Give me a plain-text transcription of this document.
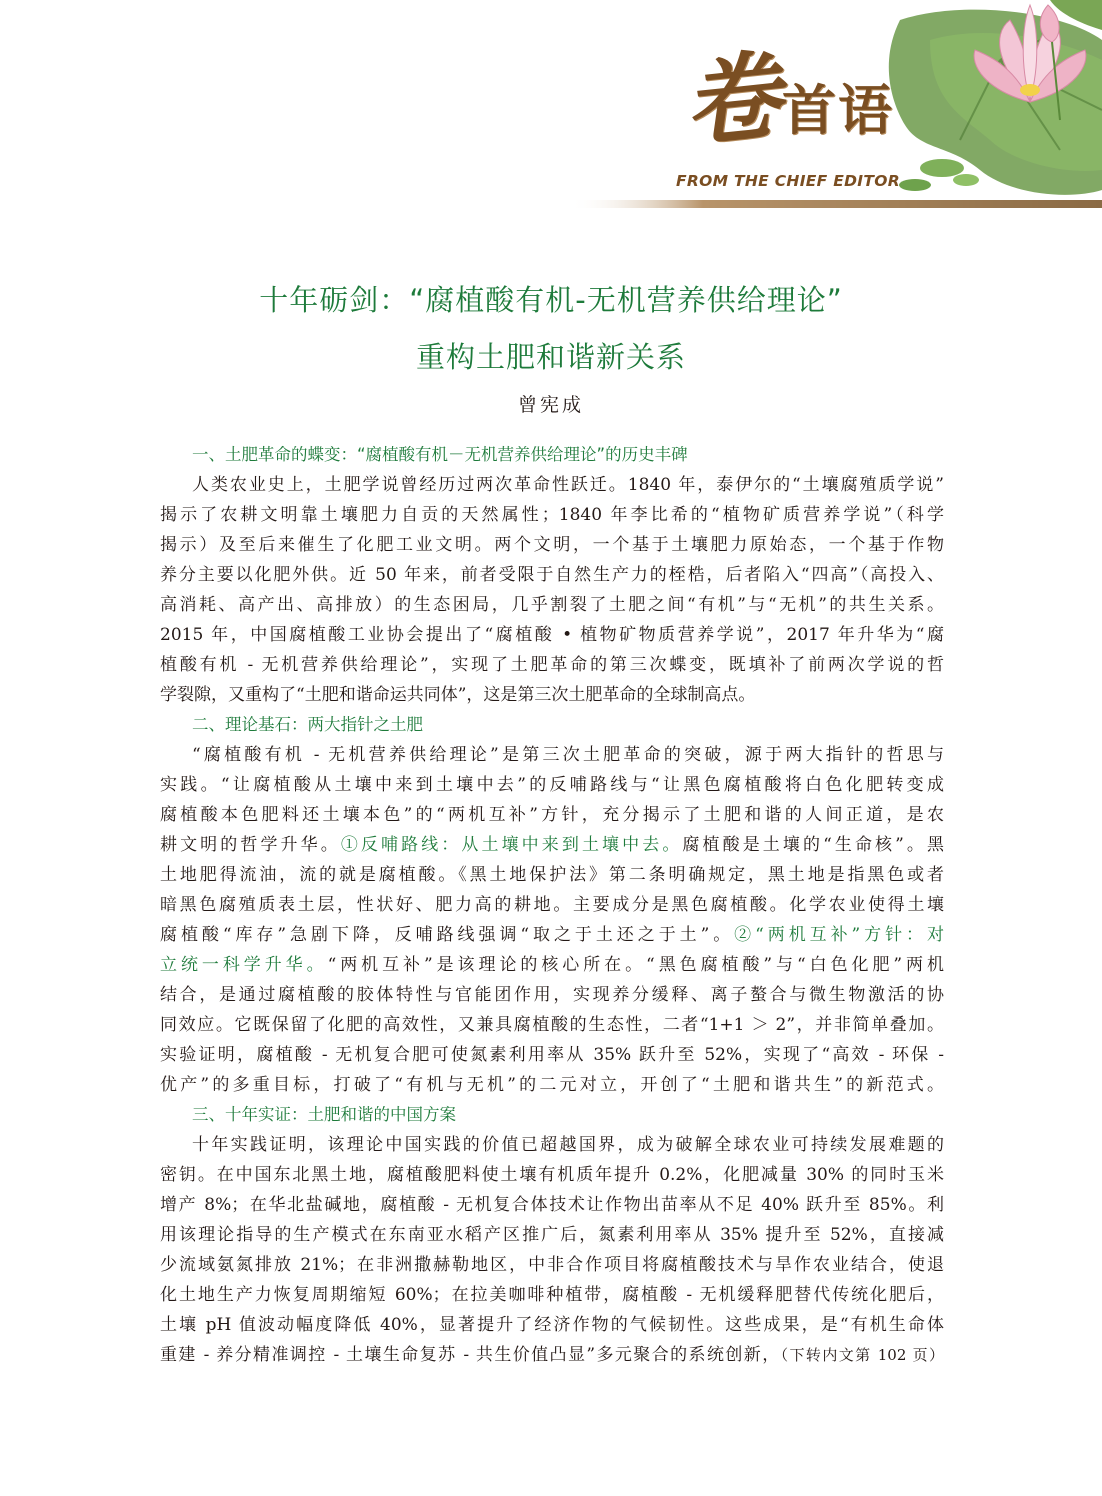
卷首语
FROM THE CHIEF EDITOR
十年砺剑：“腐植酸有机-无机营养供给理论”
重构土肥和谐新关系
曾宪成
一、土肥革命的蝶变：“腐植酸有机－无机营养供给理论”的历史丰碑
人类农业史上，土肥学说曾经历过两次革命性跃迁。1840 年，泰伊尔的“土壤腐殖质学说”
揭示了农耕文明靠土壤肥力自贡的天然属性；1840 年李比希的“植物矿质营养学说”（科学
揭示）及至后来催生了化肥工业文明。两个文明，一个基于土壤肥力原始态，一个基于作物
养分主要以化肥外供。近 50 年来，前者受限于自然生产力的桎梏，后者陷入“四高”（高投入、
高消耗、高产出、高排放）的生态困局，几乎割裂了土肥之间“有机”与“无机”的共生关系。
2015 年，中国腐植酸工业协会提出了“腐植酸 • 植物矿物质营养学说”，2017 年升华为“腐
植酸有机 - 无机营养供给理论”，实现了土肥革命的第三次蝶变，既填补了前两次学说的哲
学裂隙，又重构了“土肥和谐命运共同体”，这是第三次土肥革命的全球制高点。
二、理论基石：两大指针之土肥
“腐植酸有机 - 无机营养供给理论”是第三次土肥革命的突破，源于两大指针的哲思与
实践。“让腐植酸从土壤中来到土壤中去”的反哺路线与“让黑色腐植酸将白色化肥转变成
腐植酸本色肥料还土壤本色”的“两机互补”方针，充分揭示了土肥和谐的人间正道，是农
耕文明的哲学升华。①反哺路线：从土壤中来到土壤中去。腐植酸是土壤的“生命核”。黑
土地肥得流油，流的就是腐植酸。《黑土地保护法》第二条明确规定，黑土地是指黑色或者
暗黑色腐殖质表土层，性状好、肥力高的耕地。主要成分是黑色腐植酸。化学农业使得土壤
腐植酸“库存”急剧下降，反哺路线强调“取之于土还之于土”。②“两机互补”方针：对
立统一科学升华。“两机互补”是该理论的核心所在。“黑色腐植酸”与“白色化肥”两机
结合，是通过腐植酸的胶体特性与官能团作用，实现养分缓释、离子螯合与微生物激活的协
同效应。它既保留了化肥的高效性，又兼具腐植酸的生态性，二者“1+1 ＞ 2”，并非简单叠加。
实验证明，腐植酸 - 无机复合肥可使氮素利用率从 35% 跃升至 52%，实现了“高效 - 环保 -
优产”的多重目标，打破了“有机与无机”的二元对立，开创了“土肥和谐共生”的新范式。
三、十年实证：土肥和谐的中国方案
十年实践证明，该理论中国实践的价值已超越国界，成为破解全球农业可持续发展难题的
密钥。在中国东北黑土地，腐植酸肥料使土壤有机质年提升 0.2%，化肥减量 30% 的同时玉米
增产 8%；在华北盐碱地，腐植酸 - 无机复合体技术让作物出苗率从不足 40% 跃升至 85%。利
用该理论指导的生产模式在东南亚水稻产区推广后，氮素利用率从 35% 提升至 52%，直接减
少流域氨氮排放 21%；在非洲撒赫勒地区，中非合作项目将腐植酸技术与旱作农业结合，使退
化土地生产力恢复周期缩短 60%；在拉美咖啡种植带，腐植酸 - 无机缓释肥替代传统化肥后，
土壤 pH 值波动幅度降低 40%，显著提升了经济作物的气候韧性。这些成果，是“有机生命体
重建 - 养分精准调控 - 土壤生命复苏 - 共生价值凸显”多元聚合的系统创新，（下转内文第 102 页）
